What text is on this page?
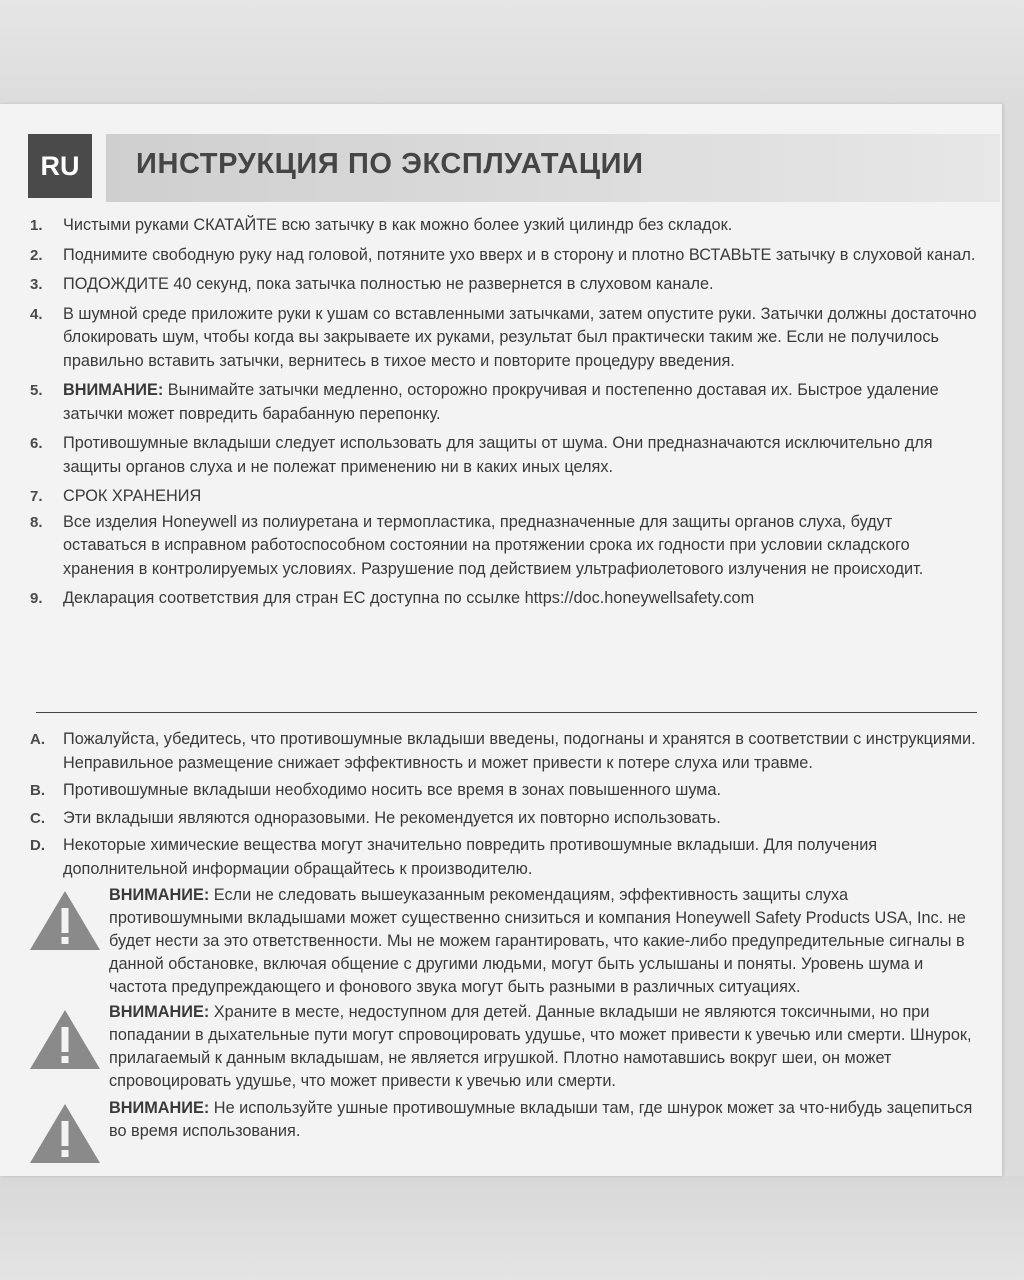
RU	ИНСТРУКЦИЯ ПО ЭКСПЛУАТАЦИИ
1. Чистыми руками СКАТАЙТЕ всю затычку в как можно более узкий цилиндр без складок.
2. Поднимите свободную руку над головой, потяните ухо вверх и в сторону и плотно ВСТАВЬТЕ затычку в слуховой канал.
3. ПОДОЖДИТЕ 40 секунд, пока затычка полностью не развернется в слуховом канале.
4. В шумной среде приложите руки к ушам со вставленными затычками, затем опустите руки. Затычки должны достаточно блокировать шум, чтобы когда вы закрываете их руками, результат был практически таким же. Если не получилось правильно вставить затычки, вернитесь в тихое место и повторите процедуру введения.
5. ВНИМАНИЕ: Вынимайте затычки медленно, осторожно прокручивая и постепенно доставая их. Быстрое удаление затычки может повредить барабанную перепонку.
6. Противошумные вкладыши следует использовать для защиты от шума. Они предназначаются исключительно для защиты органов слуха и не полежат применению ни в каких иных целях.
7. СРОК ХРАНЕНИЯ
8. Все изделия Honeywell из полиуретана и термопластика, предназначенные для защиты органов слуха, будут оставаться в исправном работоспособном состоянии на протяжении срока их годности при условии складского хранения в контролируемых условиях. Разрушение под действием ультрафиолетового излучения не происходит.
9. Декларация соответствия для стран ЕС доступна по ссылке https://doc.honeywellsafety.com
A. Пожалуйста, убедитесь, что противошумные вкладыши введены, подогнаны и хранятся в соответствии с инструкциями. Неправильное размещение снижает эффективность и может привести к потере слуха или травме.
B. Противошумные вкладыши необходимо носить все время в зонах повышенного шума.
C. Эти вкладыши являются одноразовыми. Не рекомендуется их повторно использовать.
D. Некоторые химические вещества могут значительно повредить противошумные вкладыши. Для получения дополнительной информации обращайтесь к производителю.
ВНИМАНИЕ: Если не следовать вышеуказанным рекомендациям, эффективность защиты слуха противошумными вкладышами может существенно снизиться и компания Honeywell Safety Products USA, Inc. не будет нести за это ответственности. Мы не можем гарантировать, что какие-либо предупредительные сигналы в данной обстановке, включая общение с другими людьми, могут быть услышаны и поняты. Уровень шума и частота предупреждающего и фонового звука могут быть разными в различных ситуациях.
ВНИМАНИЕ: Храните в месте, недоступном для детей. Данные вкладыши не являются токсичными, но при попадании в дыхательные пути могут спровоцировать удушье, что может привести к увечью или смерти. Шнурок, прилагаемый к данным вкладышам, не является игрушкой. Плотно намотавшись вокруг шеи, он может спровоцировать удушье, что может привести к увечью или смерти.
ВНИМАНИЕ: Не используйте ушные противошумные вкладыши там, где шнурок может за что-нибудь зацепиться во время использования.
